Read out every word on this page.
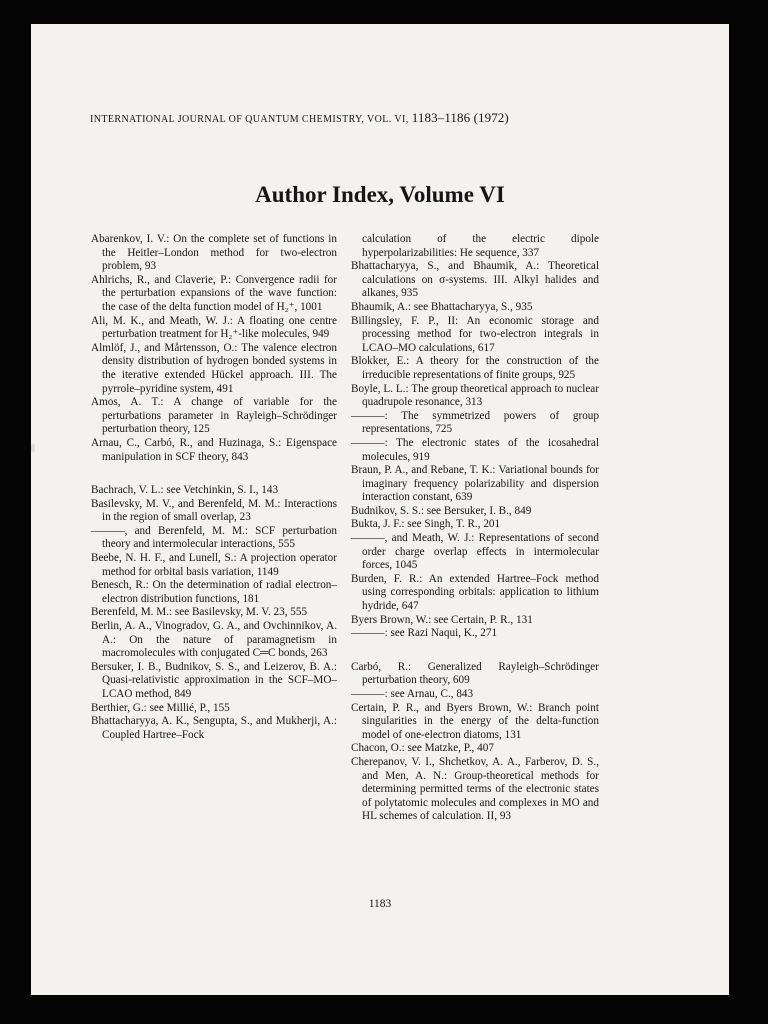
INTERNATIONAL JOURNAL OF QUANTUM CHEMISTRY, VOL. VI, 1183–1186 (1972)
Author Index, Volume VI

Abarenkov, I. V.: On the complete set of functions in the Heitler–London method for two-electron problem, 93

Ahlrichs, R., and Claverie, P.: Convergence radii for the perturbation expansions of the wave function: the case of the delta function model of H₂⁺, 1001

Ali, M. K., and Meath, W. J.: A floating one centre perturbation treatment for H₂⁺-like molecules, 949

Almlöf, J., and Mårtensson, O.: The valence electron density distribution of hydrogen bonded systems in the iterative extended Hückel approach. III. The pyrrole–pyridine system, 491

Amos, A. T.: A change of variable for the perturbations parameter in Rayleigh–Schrödinger perturbation theory, 125

Arnau, C., Carbó, R., and Huzinaga, S.: Eigenspace manipulation in SCF theory, 843

Bachrach, V. L.: see Vetchinkin, S. I., 143

Basilevsky, M. V., and Berenfeld, M. M.: Interactions in the region of small overlap, 23

———, and Berenfeld, M. M.: SCF perturbation theory and intermolecular interactions, 555

Beebe, N. H. F., and Lunell, S.: A projection operator method for orbital basis variation, 1149

Benesch, R.: On the determination of radial electron–electron distribution functions, 181

Berenfeld, M. M.: see Basilevsky, M. V. 23, 555

Berlin, A. A., Vinogradov, G. A., and Ovchinnikov, A. A.: On the nature of paramagnetism in macromolecules with conjugated C═C bonds, 263

Bersuker, I. B., Budnikov, S. S., and Leizerov, B. A.: Quasi-relativistic approximation in the SCF–MO–LCAO method, 849

Berthier, G.: see Millié, P., 155

Bhattacharyya, A. K., Sengupta, S., and Mukherji, A.: Coupled Hartree–Fock

calculation of the electric dipole hyperpolarizabilities: He sequence, 337

Bhattacharyya, S., and Bhaumik, A.: Theoretical calculations on σ-systems. III. Alkyl halides and alkanes, 935

Bhaumik, A.: see Bhattacharyya, S., 935

Billingsley, F. P., II: An economic storage and processing method for two-electron integrals in LCAO–MO calculations, 617

Blokker, E.: A theory for the construction of the irreducible representations of finite groups, 925

Boyle, L. L.: The group theoretical approach to nuclear quadrupole resonance, 313

———: The symmetrized powers of group representations, 725

———: The electronic states of the icosahedral molecules, 919

Braun, P. A., and Rebane, T. K.: Variational bounds for imaginary frequency polarizability and dispersion interaction constant, 639

Budnikov, S. S.: see Bersuker, I. B., 849

Bukta, J. F.: see Singh, T. R., 201

———, and Meath, W. J.: Representations of second order charge overlap effects in intermolecular forces, 1045

Burden, F. R.: An extended Hartree–Fock method using corresponding orbitals: application to lithium hydride, 647

Byers Brown, W.: see Certain, P. R., 131

———: see Razi Naqui, K., 271

Carbó, R.: Generalized Rayleigh–Schrödinger perturbation theory, 609

———: see Arnau, C., 843

Certain, P. R., and Byers Brown, W.: Branch point singularities in the energy of the delta-function model of one-electron diatoms, 131

Chacon, O.: see Matzke, P., 407

Cherepanov, V. I., Shchetkov, A. A., Farberov, D. S., and Men, A. N.: Group-theoretical methods for determining permitted terms of the electronic states of polytatomic molecules and complexes in MO and HL schemes of calculation. II, 93

1183
